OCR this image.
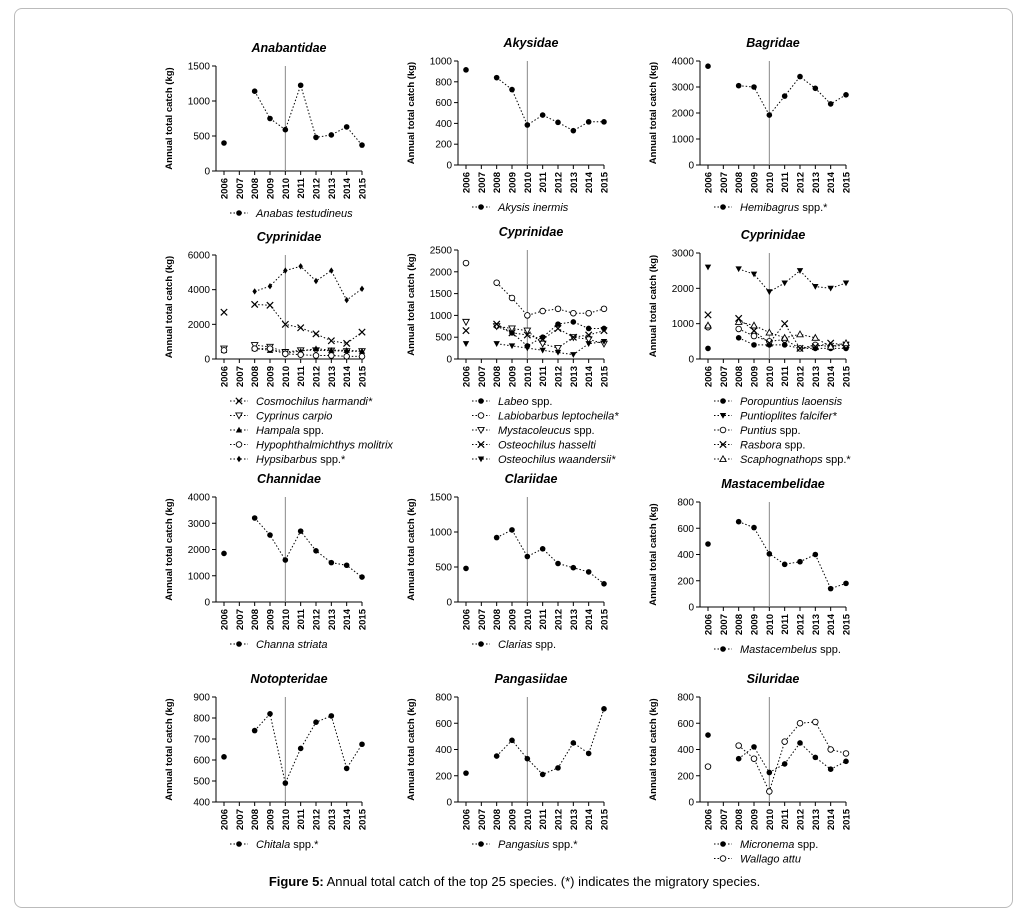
Anabantidae
0
500
1000
1500
Annual total catch (kg)
2006 2007 2008 2009 2010 2011 2012 2013 2014 2015
Anabas testudineus
Akysidae
0
200
400
600
800
1000
Annual total catch (kg)
2006 2007 2008 2009 2010 2011 2012 2013 2014 2015
Akysis inermis
Bagridae
0
1000
2000
3000
4000
Annual total catch (kg)
2006 2007 2008 2009 2010 2011 2012 2013 2014 2015
Hemibagrus spp.*
Cyprinidae
0
2000
4000
6000
Annual total catch (kg)
2006 2007 2008 2009 2010 2011 2012 2013 2014 2015
Cosmochilus harmandi*
Cyprinus carpio
Hampala spp.
Hypophthalmichthys molitrix
Hypsibarbus spp.*
Cyprinidae
0
500
1000
1500
2000
2500
Annual total catch (kg)
2006 2007 2008 2009 2010 2011 2012 2013 2014 2015
Labeo spp.
Labiobarbus leptocheila*
Mystacoleucus spp.
Osteochilus hasselti
Osteochilus waandersii*
Cyprinidae
0
1000
2000
3000
Annual total catch (kg)
2006 2007 2008 2009 2010 2011 2012 2013 2014 2015
Poropuntius laoensis
Puntioplites falcifer*
Puntius spp.
Rasbora spp.
Scaphognathops spp.*
Channidae
0
1000
2000
3000
4000
Annual total catch (kg)
2006 2007 2008 2009 2010 2011 2012 2013 2014 2015
Channa striata
Clariidae
0
500
1000
1500
Annual total catch (kg)
2006 2007 2008 2009 2010 2011 2012 2013 2014 2015
Clarias spp.
Mastacembelidae
0
200
400
600
800
Annual total catch (kg)
2006 2007 2008 2009 2010 2011 2012 2013 2014 2015
Mastacembelus spp.
Notopteridae
400
500
600
700
800
900
Annual total catch (kg)
2006 2007 2008 2009 2010 2011 2012 2013 2014 2015
Chitala spp.*
Pangasiidae
0
200
400
600
800
Annual total catch (kg)
2006 2007 2008 2009 2010 2011 2012 2013 2014 2015
Pangasius spp.*
Siluridae
0
200
400
600
800
Annual total catch (kg)
2006 2007 2008 2009 2010 2011 2012 2013 2014 2015
Micronema spp.
Wallago attu
Figure 5: Annual total catch of the top 25 species. (*) indicates the migratory species.
